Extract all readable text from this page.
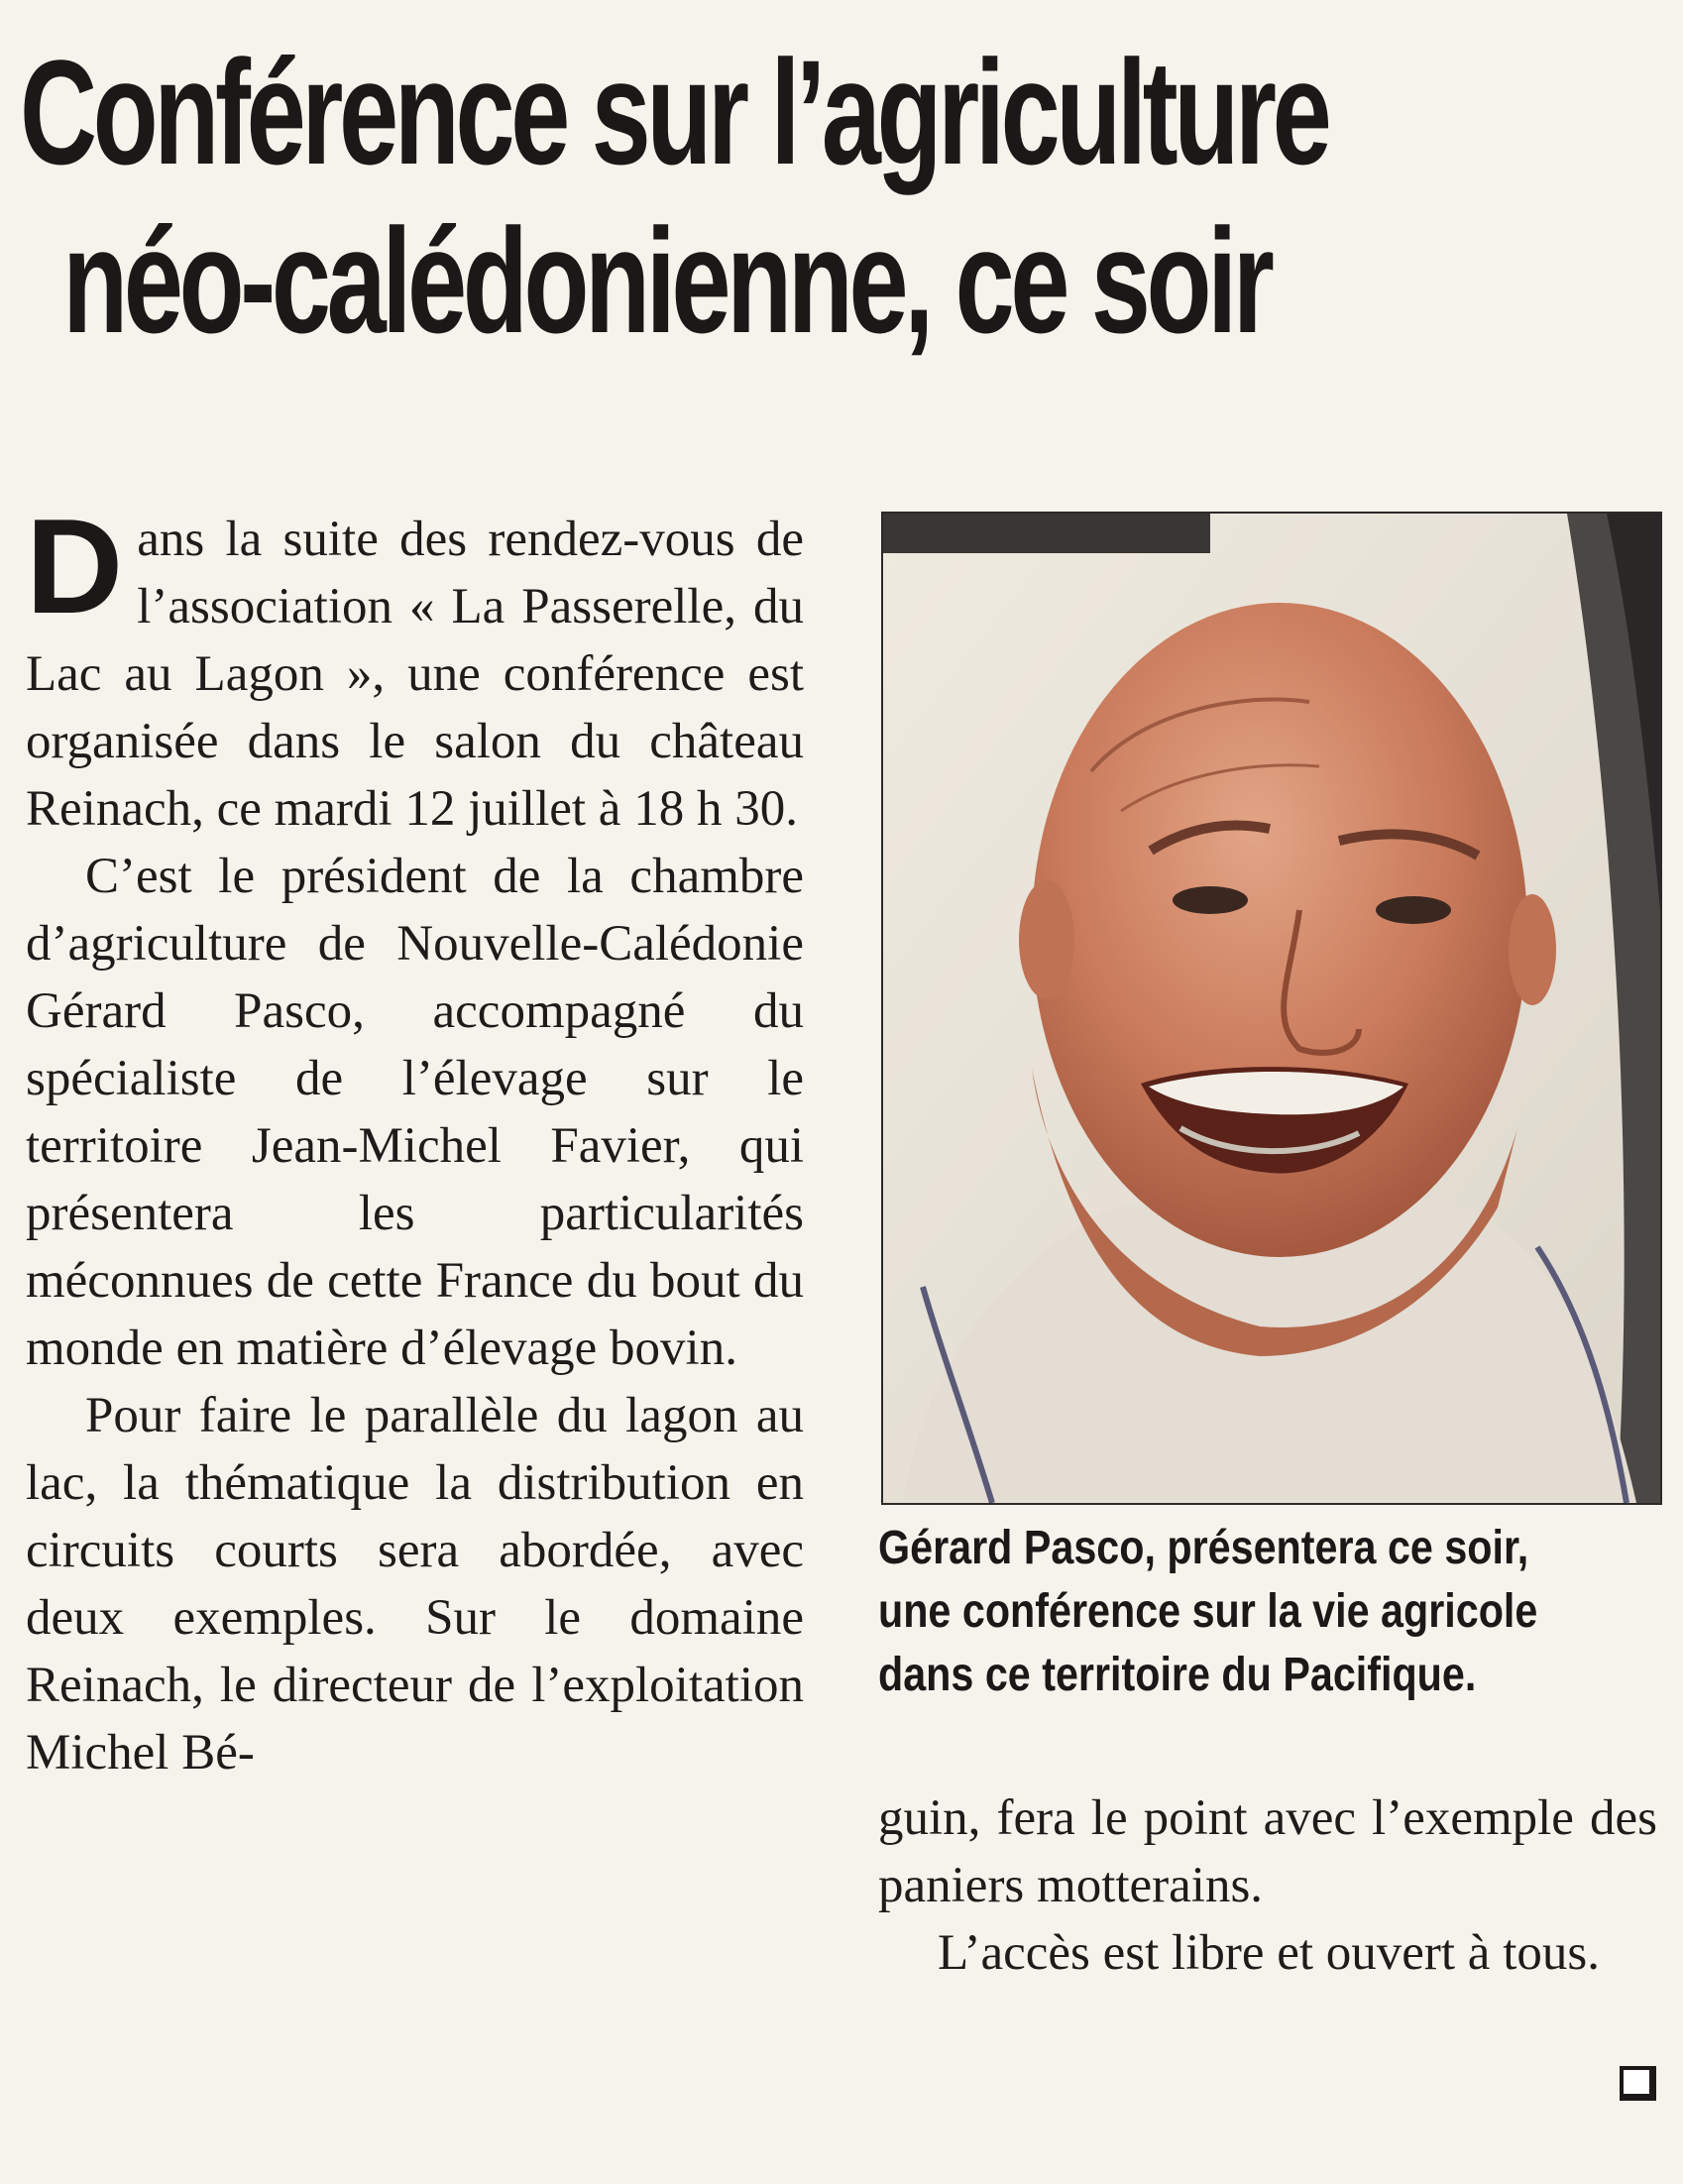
Conférence sur l’agriculture
néo-calédonienne, ce soir

Dans la suite des rendez-vous de l’association « La Passerelle, du Lac au Lagon », une conférence est organisée dans le salon du château Reinach, ce mardi 12 juillet à 18 h 30.

C’est le président de la chambre d’agriculture de Nouvelle-Calédonie Gérard Pasco, accompagné du spécialiste de l’élevage sur le territoire Jean-Michel Favier, qui présentera les particularités méconnues de cette France du bout du monde en matière d’élevage bovin.

Pour faire le parallèle du lagon au lac, la thématique la distribution en circuits courts sera abordée, avec deux exemples. Sur le domaine Reinach, le directeur de l’exploitation Michel Bé-

Gérard Pasco, présentera ce soir, une conférence sur la vie agricole dans ce territoire du Pacifique.

guin, fera le point avec l’exemple des paniers motterains.

L’accès est libre et ouvert à tous.
